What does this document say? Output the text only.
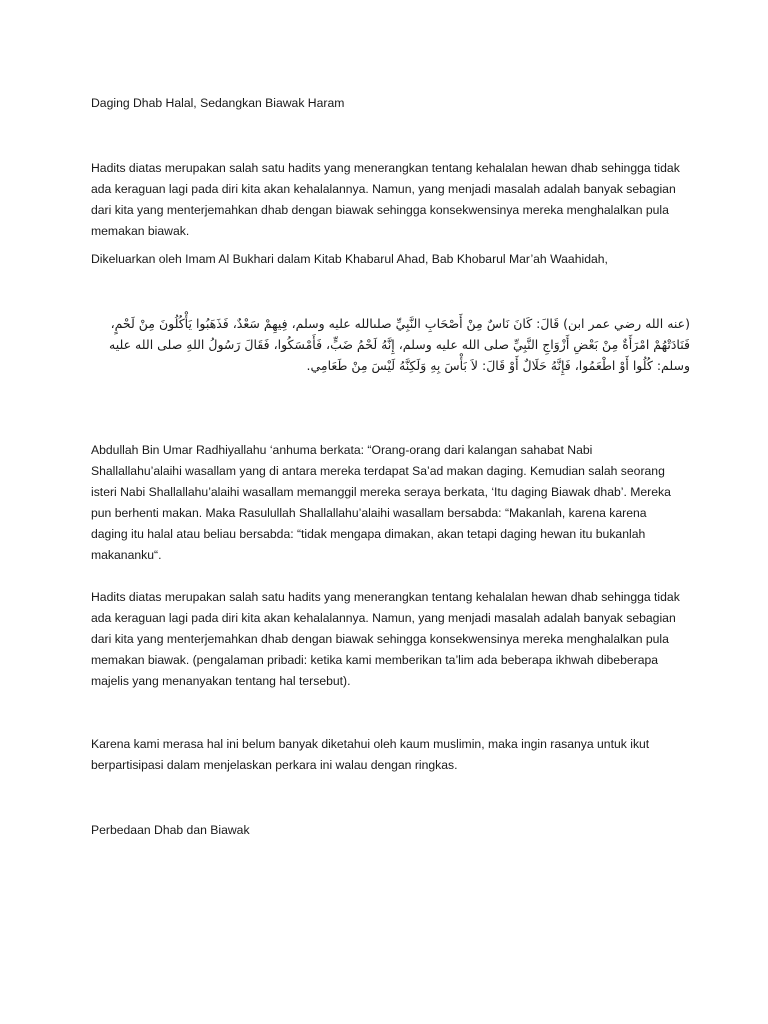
Daging Dhab Halal, Sedangkan Biawak Haram

Hadits diatas merupakan salah satu hadits yang menerangkan tentang kehalalan hewan dhab sehingga tidak ada keraguan lagi pada diri kita akan kehalalannya. Namun, yang menjadi masalah adalah banyak sebagian dari kita yang menterjemahkan dhab dengan biawak sehingga konsekwensinya mereka menghalalkan pula memakan biawak.

Dikeluarkan oleh Imam Al Bukhari dalam Kitab Khabarul Ahad, Bab Khobarul Mar’ah Waahidah,

(عنه الله رضي عمر ابن) قَالَ: كَانَ نَاسٌ مِنْ أَصْحَابِ النَّبِيِّ صلىالله عليه وسلم، فِيهِمْ سَعْدٌ، فَذَهَبُوا يَأْكُلُونَ مِنْ لَحْمٍ، فَنَادَتْهُمْ امْرَأَةٌ مِنْ بَعْضِ أَزْوَاجِ النَّبِيِّ صلى الله عليه وسلم، إِنَّهُ لَحْمُ ضَبٍّ، فَأَمْسَكُوا، فَقَالَ رَسُولُ اللهِ صلى الله عليه وسلم: كُلُوا أَوْ اطْعَمُوا، فَإِنَّهُ حَلَالٌ أَوْ قَالَ: لاَ بَأْسَ بِهِ وَلَكِنَّهُ لَيْسَ مِنْ طَعَامِي.

Abdullah Bin Umar Radhiyallahu ‘anhuma berkata: “Orang-orang dari kalangan sahabat Nabi Shallallahu’alaihi wasallam yang di antara mereka terdapat Sa’ad makan daging. Kemudian salah seorang isteri Nabi Shallallahu’alaihi wasallam memanggil mereka seraya berkata, ‘Itu daging Biawak dhab’. Mereka pun berhenti makan. Maka Rasulullah Shallallahu’alaihi wasallam bersabda: “Makanlah, karena karena daging itu halal atau beliau bersabda: “tidak mengapa dimakan, akan tetapi daging hewan itu bukanlah makananku“.

Hadits diatas merupakan salah satu hadits yang menerangkan tentang kehalalan hewan dhab sehingga tidak ada keraguan lagi pada diri kita akan kehalalannya. Namun, yang menjadi masalah adalah banyak sebagian dari kita yang menterjemahkan dhab dengan biawak sehingga konsekwensinya mereka menghalalkan pula memakan biawak. (pengalaman pribadi: ketika kami memberikan ta’lim ada beberapa ikhwah dibeberapa majelis yang menanyakan tentang hal tersebut).

Karena kami merasa hal ini belum banyak diketahui oleh kaum muslimin, maka ingin rasanya untuk ikut berpartisipasi dalam menjelaskan perkara ini walau dengan ringkas.

Perbedaan Dhab dan Biawak
